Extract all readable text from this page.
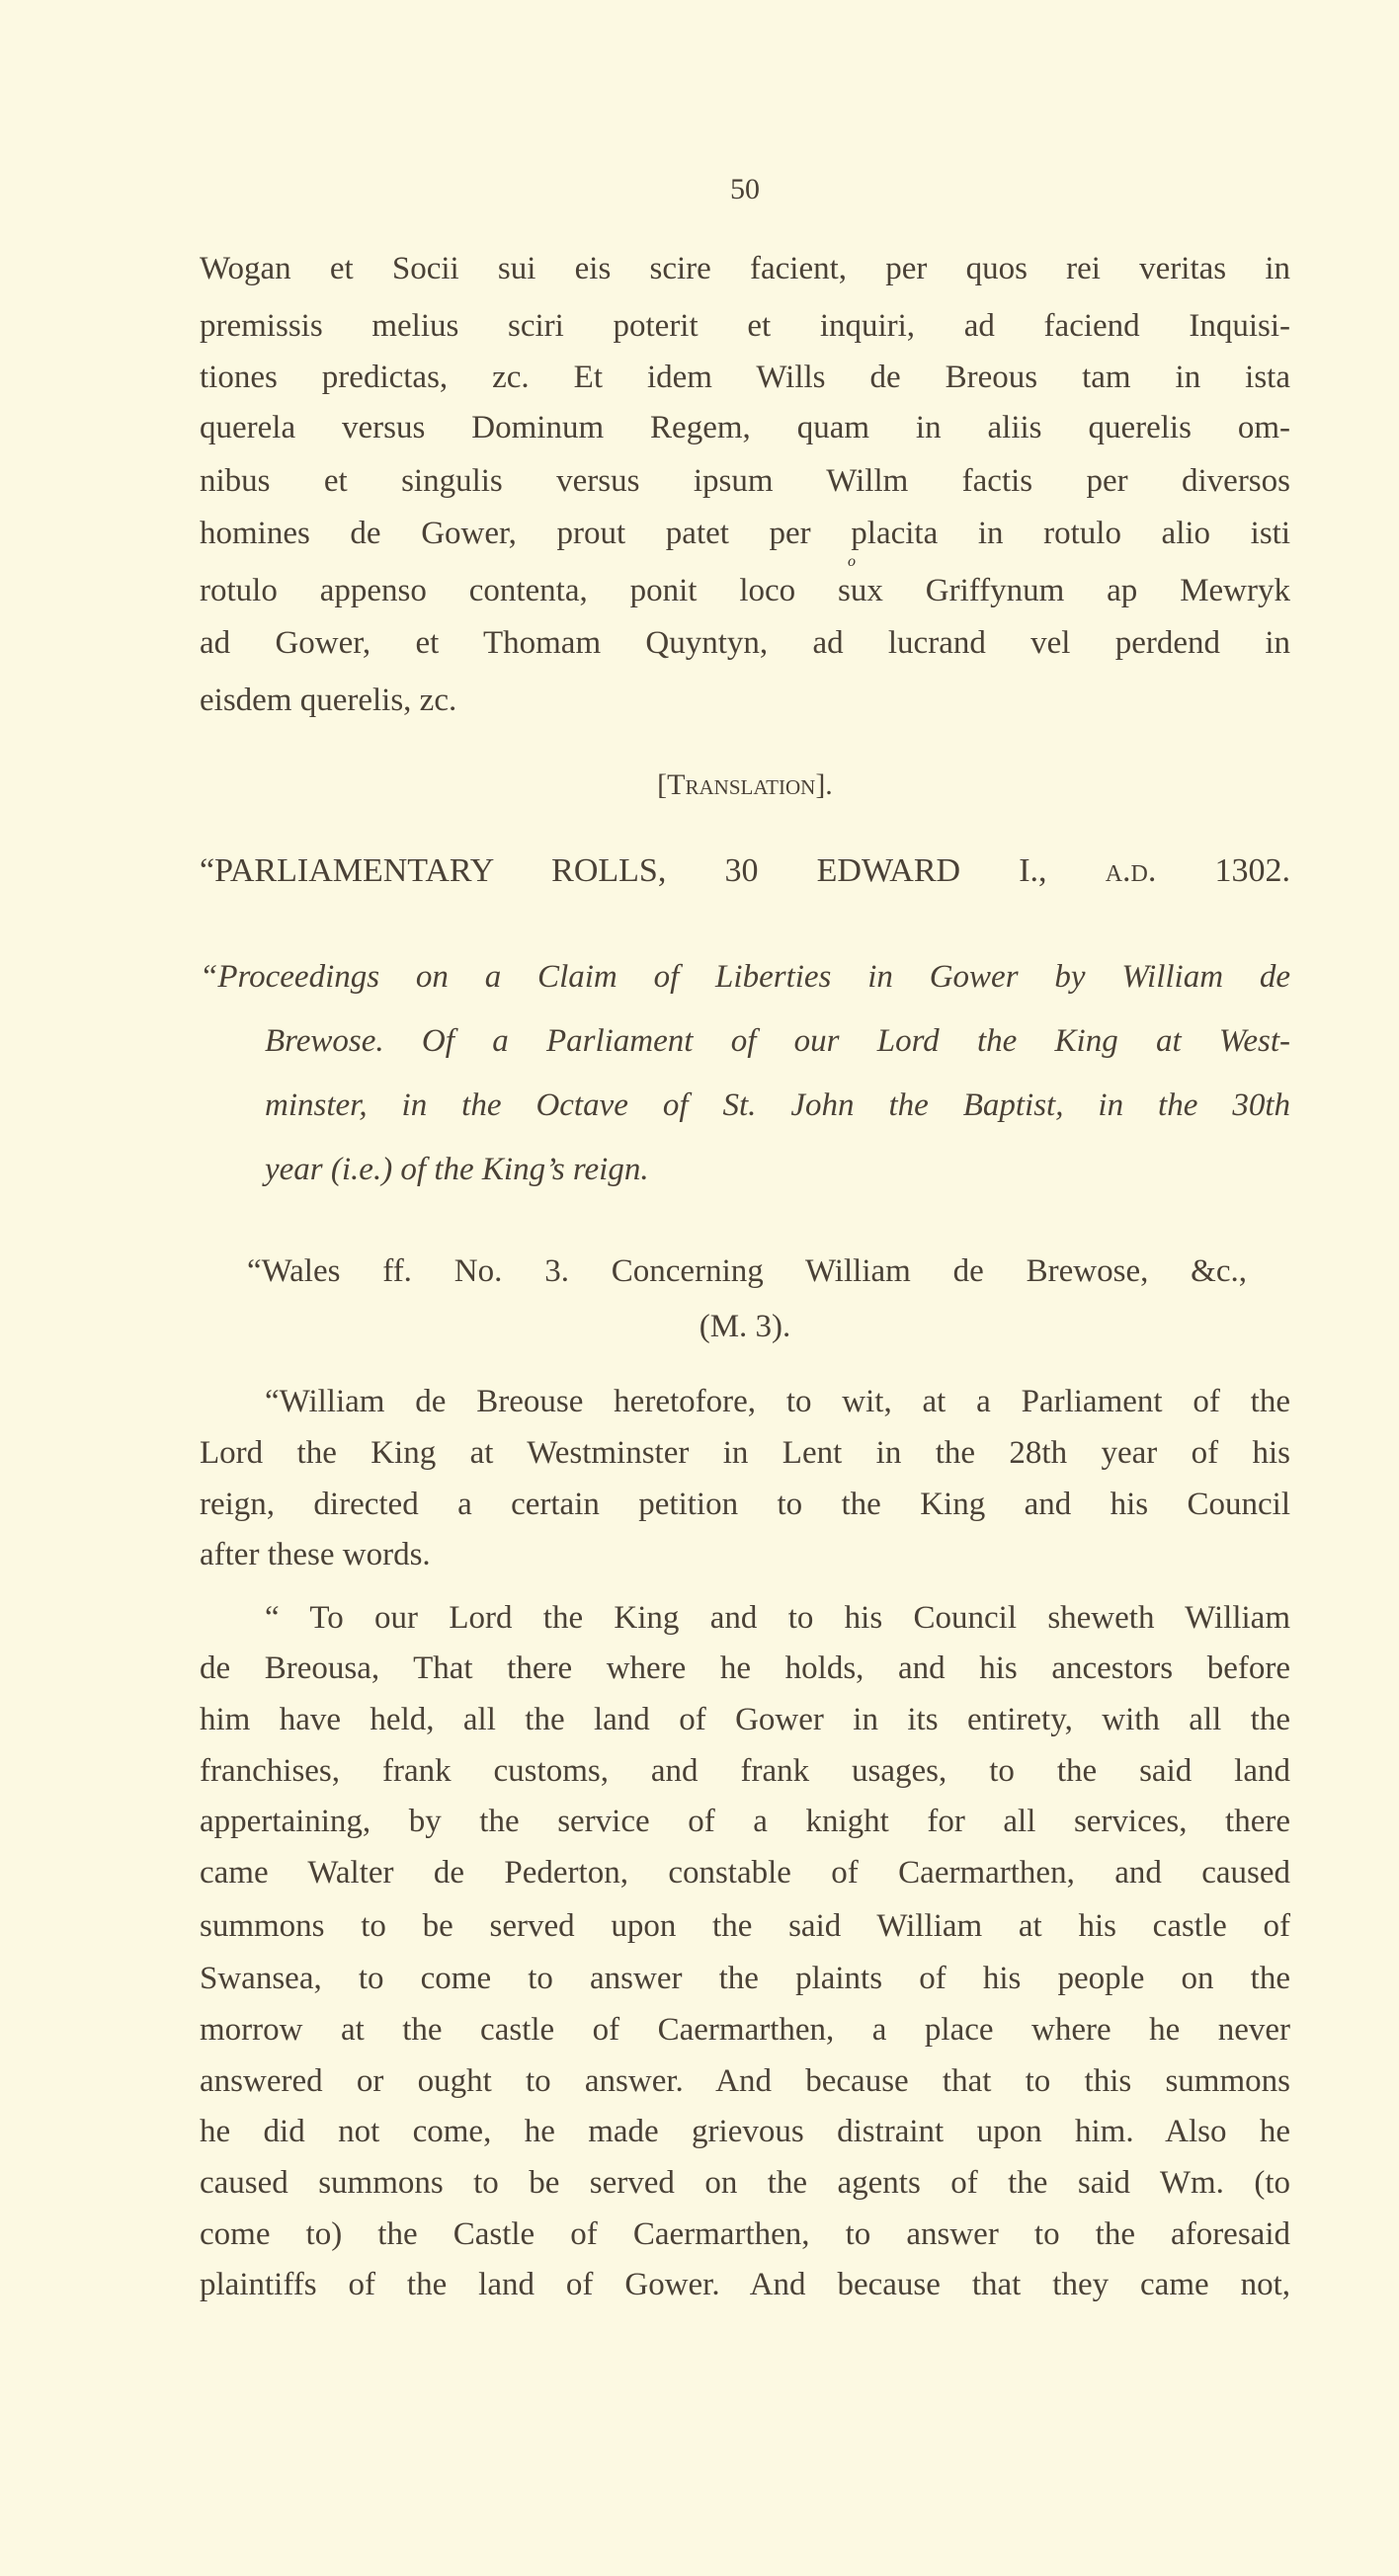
50
Wogan et Socii sui eis scire facient, per quos rei veritas in
premissis melius sciri poterit et inquiri, ad faciend Inquisi-
tiones predictas, zc. Et idem Wills de Breous tam in ista
querela versus Dominum Regem, quam in aliis querelis om-
nibus et singulis versus ipsum Willm factis per diversos
homines de Gower, prout patet per placita in rotulo alio isti
rotulo appenso contenta, ponit loco sux Griffynum ap Mewryk
ad Gower, et Thomam Quyntyn, ad lucrand vel perdend in
eisdem querelis, zc.
o
[Translation].
“PARLIAMENTARY ROLLS, 30 EDWARD I., a.d. 1302.
“Proceedings on a Claim of Liberties in Gower by William de
Brewose. Of a Parliament of our Lord the King at West-
minster, in the Octave of St. John the Baptist, in the 30th
year (i.e.) of the King’s reign.
“Wales ff. No. 3. Concerning William de Brewose, &c.,
(M. 3).
“William de Breouse heretofore, to wit, at a Parliament of the
Lord the King at Westminster in Lent in the 28th year of his
reign, directed a certain petition to the King and his Council
after these words.
“ To our Lord the King and to his Council sheweth William
de Breousa, That there where he holds, and his ancestors before
him have held, all the land of Gower in its entirety, with all the
franchises, frank customs, and frank usages, to the said land
appertaining, by the service of a knight for all services, there
came Walter de Pederton, constable of Caermarthen, and caused
summons to be served upon the said William at his castle of
Swansea, to come to answer the plaints of his people on the
morrow at the castle of Caermarthen, a place where he never
answered or ought to answer. And because that to this summons
he did not come, he made grievous distraint upon him. Also he
caused summons to be served on the agents of the said Wm. (to
come to) the Castle of Caermarthen, to answer to the aforesaid
plaintiffs of the land of Gower. And because that they came not,
